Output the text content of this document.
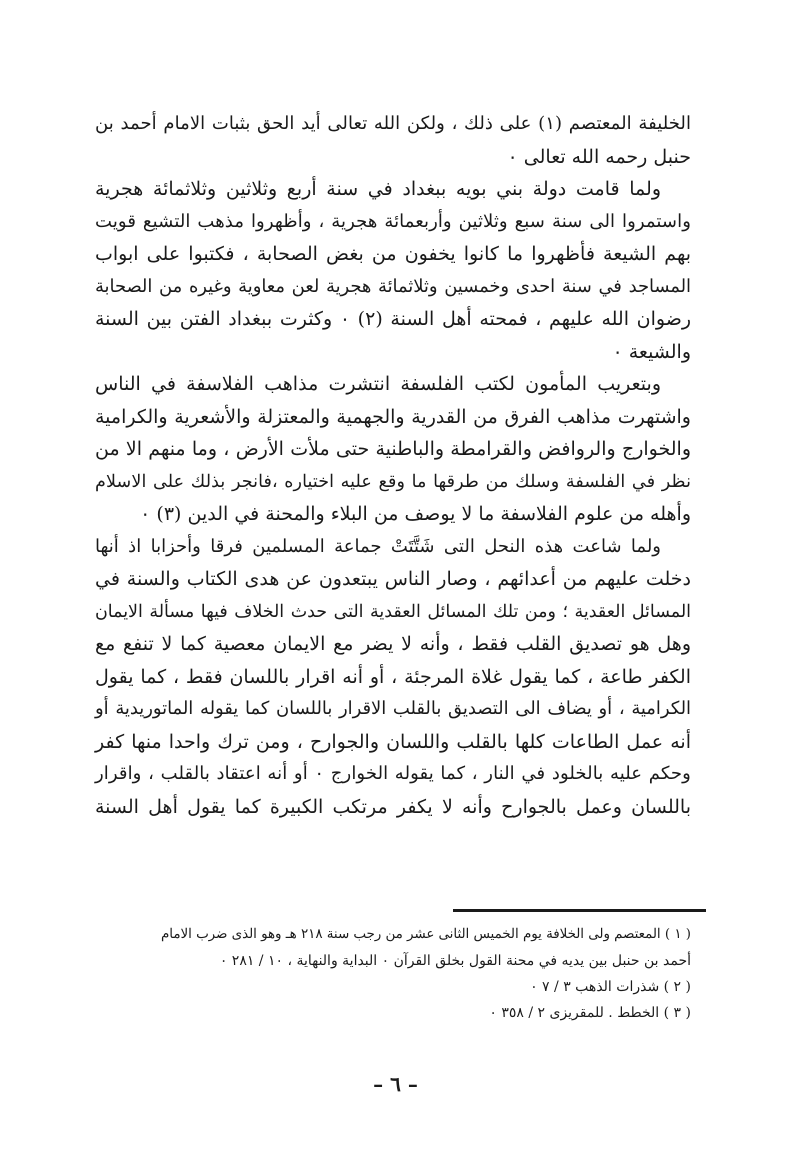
الخليفة المعتصم (١) على ذلك ، ولكن الله تعالى أيد الحق بثبات الامام أحمد بن
حنبل رحمه الله تعالى ٠

ولما قامت دولة بني بويه ببغداد في سنة أربع وثلاثين وثلاثمائة هجرية
واستمروا الى سنة سبع وثلاثين وأربعمائة هجرية ، وأظهروا مذهب التشيع قويت
بهم الشيعة فأظهروا ما كانوا يخفون من بغض الصحابة ، فكتبوا على ابواب
المساجد في سنة احدى وخمسين وثلاثمائة هجرية لعن معاوية وغيره من الصحابة
رضوان الله عليهم ، فمحته أهل السنة (٢) ٠ وكثرت ببغداد الفتن بين السنة
والشيعة ٠

وبتعريب المأمون لكتب الفلسفة انتشرت مذاهب الفلاسفة في الناس
واشتهرت مذاهب الفرق من القدرية والجهمية والمعتزلة والأشعرية والكرامية
والخوارج والروافض والقرامطة والباطنية حتى ملأت الأرض ، وما منهم الا من
نظر في الفلسفة وسلك من طرقها ما وقع عليه اختياره ،فانجر بذلك على الاسلام
وأهله من علوم الفلاسفة ما لا يوصف من البلاء والمحنة في الدين (٣) ٠

ولما شاعت هذه النحل التى شَتَّتَتْ جماعة المسلمين فرقا وأحزابا اذ أنها
دخلت عليهم من أعدائهم ، وصار الناس يبتعدون عن هدى الكتاب والسنة في
المسائل العقدية ؛ ومن تلك المسائل العقدية التى حدث الخلاف فيها مسألة الايمان
وهل هو تصديق القلب فقط ، وأنه لا يضر مع الايمان معصية كما لا تنفع مع
الكفر طاعة ، كما يقول غلاة المرجئة ، أو أنه اقرار باللسان فقط ، كما يقول
الكرامية ، أو يضاف الى التصديق بالقلب الاقرار باللسان كما يقوله الماتوريدية أو
أنه عمل الطاعات كلها بالقلب واللسان والجوارح ، ومن ترك واحدا منها كفر
وحكم عليه بالخلود في النار ، كما يقوله الخوارج ٠ أو أنه اعتقاد بالقلب ، واقرار
باللسان وعمل بالجوارح وأنه لا يكفر مرتكب الكبيرة كما يقول أهل السنة

( ١ ) المعتصم ولى الخلافة يوم الخميس الثانى عشر من رجب سنة ٢١٨ هـ وهو الذى ضرب الامام
أحمد بن حنبل بين يديه في محنة القول بخلق القرآن ٠ البداية والنهاية ، ١٠ / ٢٨١ ٠
( ٢ ) شذرات الذهب ٣ / ٧ ٠
( ٣ ) الخطط . للمقريزى ٢ / ٣٥٨ ٠
– ٦ –
